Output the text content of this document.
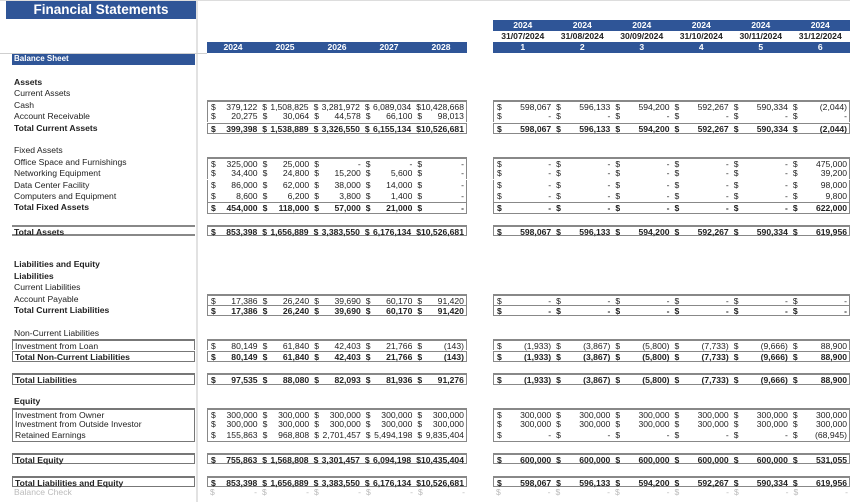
Financial Statements
2024	2025	2026	2027	2028
2024	2024	2024	2024	2024	2024
31/07/2024	31/08/2024	30/09/2024	31/10/2024	30/11/2024	31/12/2024
1	2	3	4	5	6
Balance Sheet
Assets
Current Assets
Cash	$ 379,122 $ 1,508,825 $ 3,281,972 $ 6,089,034 $ 10,428,668	$ 598,067 $ 596,133 $ 594,200 $ 592,267 $ 590,334 $	(2,044)
Account Receivable	$ 20,275 $ 30,064 $ 44,578 $ 66,100 $ 98,013	$	- $	- $	- $	- $	- $	-
Total Current Assets	$ 399,398 $ 1,538,889 $ 3,326,550 $ 6,155,134 $ 10,526,681	$ 598,067 $ 596,133 $ 594,200 $ 592,267 $ 590,334 $	(2,044)
Fixed Assets
Office Space and Furnishings	$ 325,000 $ 25,000 $	- $	- $	-	$	- $	- $	- $	- $	- $ 475,000
Networking Equipment	$ 34,400 $ 24,800 $ 15,200 $ 5,600 $	-	$	- $	- $	- $	- $	- $	39,200
Data Center Facility	$ 86,000 $ 62,000 $ 38,000 $ 14,000 $	-	$	- $	- $	- $	- $	- $	98,000
Computers and Equipment	$ 8,600 $ 6,200 $ 3,800 $ 1,400 $	-	$	- $	- $	- $	- $	- $	9,800
Total Fixed Assets	$ 454,000 $ 118,000 $ 57,000 $ 21,000 $	-	$	- $	- $	- $	- $	- $ 622,000
Total Assets	$ 853,398 $ 1,656,889 $ 3,383,550 $ 6,176,134 $ 10,526,681	$ 598,067 $ 596,133 $ 594,200 $ 592,267 $ 590,334 $ 619,956
Liabilities and Equity
Liabilities
Current Liabilities
Account Payable	$ 17,386 $ 26,240 $ 39,690 $ 60,170 $ 91,420	$	- $	- $	- $	- $	- $	-
Total Current Liabilities	$ 17,386 $ 26,240 $ 39,690 $ 60,170 $ 91,420	$	- $	- $	- $	- $	- $	-
Non-Current Liabilities
Investment from Loan	$ 80,149 $ 61,840 $ 42,403 $ 21,766 $	(143)	$	(1,933) $	(3,867) $	(5,800) $	(7,733) $	(9,666) $	88,900
Total Non-Current Liabilities	$ 80,149 $ 61,840 $ 42,403 $ 21,766 $	(143)	$	(1,933) $	(3,867) $	(5,800) $	(7,733) $	(9,666) $	88,900
Total Liabilities	$ 97,535 $ 88,080 $ 82,093 $ 81,936 $ 91,276	$	(1,933) $	(3,867) $	(5,800) $	(7,733) $	(9,666) $	88,900
Equity
Investment from Owner	$ 300,000 $ 300,000 $ 300,000 $ 300,000 $ 300,000	$ 300,000 $ 300,000 $ 300,000 $ 300,000 $ 300,000 $ 300,000
Investment from Outside Investor	$ 300,000 $ 300,000 $ 300,000 $ 300,000 $ 300,000	$ 300,000 $ 300,000 $ 300,000 $ 300,000 $ 300,000 $ 300,000
Retained Earnings	$ 155,863 $ 968,808 $ 2,701,457 $ 5,494,198 $ 9,835,404	$	- $	- $	- $	- $	- $ (68,945)
Total Equity	$ 755,863 $ 1,568,808 $ 3,301,457 $ 6,094,198 $ 10,435,404	$ 600,000 $ 600,000 $ 600,000 $ 600,000 $ 600,000 $ 531,055
Total Liabilities and Equity	$ 853,398 $ 1,656,889 $ 3,383,550 $ 6,176,134 $ 10,526,681	$ 598,067 $ 596,133 $ 594,200 $ 592,267 $ 590,334 $ 619,956
Balance Check	$	- $	- $	- $	- $	-	$	- $	- $	- $	- $	- $	-
